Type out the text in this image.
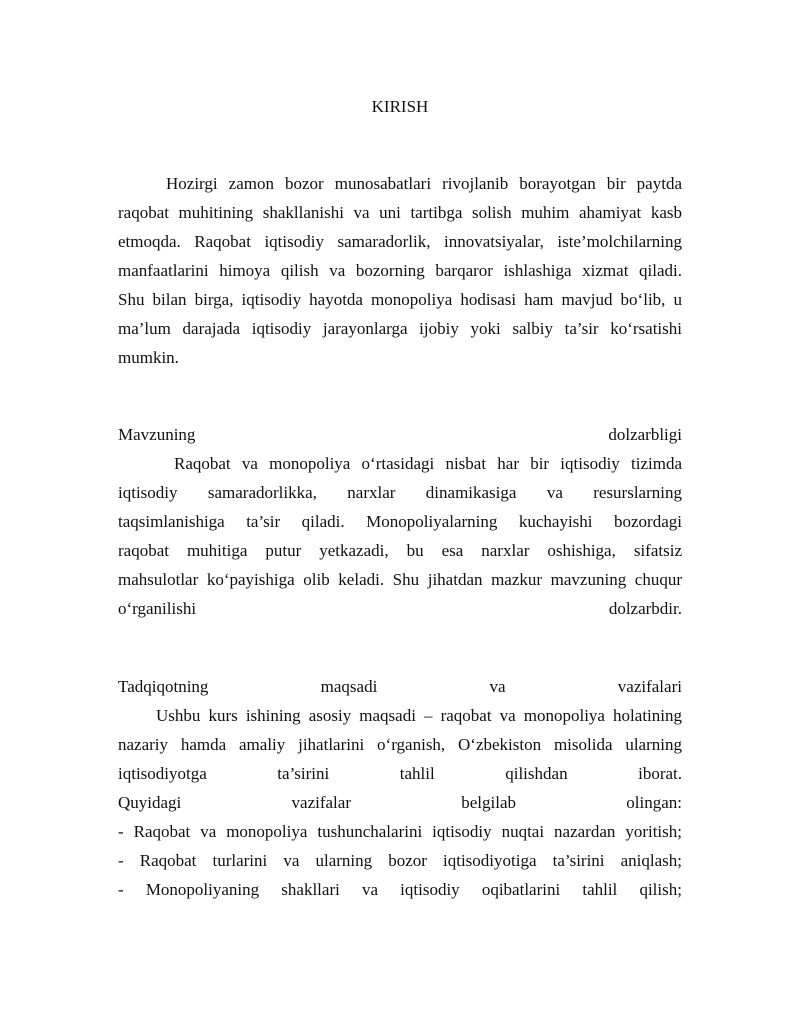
KIRISH

Hozirgi zamon bozor munosabatlari rivojlanib borayotgan bir paytda

raqobat muhitining shakllanishi va uni tartibga solish muhim ahamiyat kasb

etmoqda. Raqobat iqtisodiy samaradorlik, innovatsiyalar, iste’molchilarning

manfaatlarini himoya qilish va bozorning barqaror ishlashiga xizmat qiladi.

Shu bilan birga, iqtisodiy hayotda monopoliya hodisasi ham mavjud bo‘lib, u

ma’lum darajada iqtisodiy jarayonlarga ijobiy yoki salbiy ta’sir ko‘rsatishi

mumkin.

Mavzuning	dolzarbligi

Raqobat va monopoliya o‘rtasidagi nisbat har bir iqtisodiy tizimda

iqtisodiy samaradorlikka, narxlar dinamikasiga va resurslarning

taqsimlanishiga ta’sir qiladi. Monopoliyalarning kuchayishi bozordagi

raqobat muhitiga putur yetkazadi, bu esa narxlar oshishiga, sifatsiz

mahsulotlar ko‘payishiga olib keladi. Shu jihatdan mazkur mavzuning chuqur

o‘rganilishi	dolzarbdir.
Tadqiqotning	maqsadi	va	vazifalari

Ushbu kurs ishining asosiy maqsadi – raqobat va monopoliya holatining

nazariy hamda amaliy jihatlarini o‘rganish, O‘zbekiston misolida ularning

iqtisodiyotga	ta’sirini	tahlil	qilishdan	iborat.
Quyidagi	vazifalar	belgilab	olingan:

- Raqobat va monopoliya tushunchalarini iqtisodiy nuqtai nazardan yoritish;

- Raqobat turlarini va ularning bozor iqtisodiyotiga ta’sirini aniqlash;

- Monopoliyaning shakllari va iqtisodiy oqibatlarini tahlil qilish;
